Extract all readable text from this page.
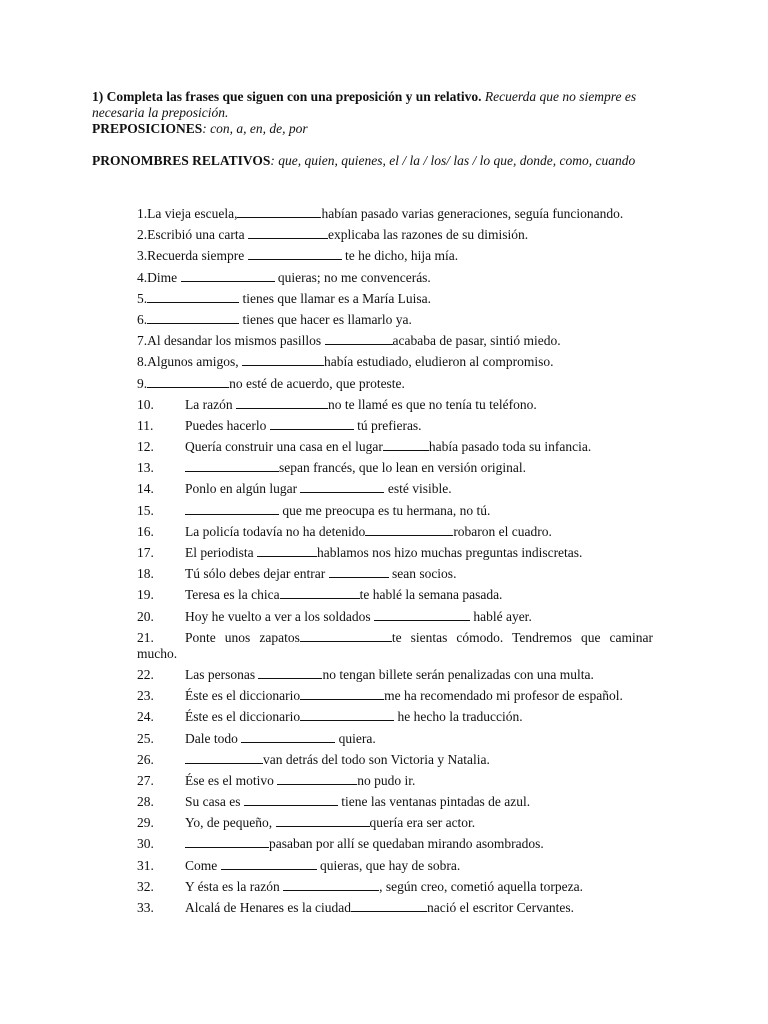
1) Completa las frases que siguen con una preposición y un relativo. Recuerda que no siempre es necesaria la preposición.

PREPOSICIONES: con, a, en, de, por

PRONOMBRES RELATIVOS: que, quien, quienes, el / la / los/ las / lo que, donde, como, cuando

1.La vieja escuela,	habían pasado varias generaciones, seguía funcionando.
2.Escribió una carta	explicaba las razones de su dimisión.
3.Recuerda siempre	te he dicho, hija mía.
4.Dime	quieras; no me convencerás.
5.	tienes que llamar es a María Luisa.
6.	tienes que hacer es llamarlo ya.
7.Al desandar los mismos pasillos	acababa de pasar, sintió miedo.
8.Algunos amigos,	había estudiado, eludieron al compromiso.
9.	no esté de acuerdo, que proteste.
10. La razón	no te llamé es que no tenía tu teléfono.
11. Puedes hacerlo	tú prefieras.
12. Quería construir una casa en el lugar	había pasado toda su infancia.
13.	sepan francés, que lo lean en versión original.
14. Ponlo en algún lugar	esté visible.
15.	que me preocupa es tu hermana, no tú.
16. La policía todavía no ha detenido	robaron el cuadro.
17. El periodista	hablamos nos hizo muchas preguntas indiscretas.
18. Tú sólo debes dejar entrar	sean socios.
19. Teresa es la chica	te hablé la semana pasada.
20. Hoy he vuelto a ver a los soldados	hablé ayer.
21. Ponte unos zapatos	te sientas cómodo. Tendremos que caminar mucho.
22. Las personas	no tengan billete serán penalizadas con una multa.
23. Éste es el diccionario	me ha recomendado mi profesor de español.
24. Éste es el diccionario	he hecho la traducción.
25. Dale todo	quiera.
26.	van detrás del todo son Victoria y Natalia.
27. Ése es el motivo	no pudo ir.
28. Su casa es	tiene las ventanas pintadas de azul.
29. Yo, de pequeño,	quería era ser actor.
30.	pasaban por allí se quedaban mirando asombrados.
31. Come	quieras, que hay de sobra.
32. Y ésta es la razón	, según creo, cometió aquella torpeza.
33. Alcalá de Henares es la ciudad	nació el escritor Cervantes.
